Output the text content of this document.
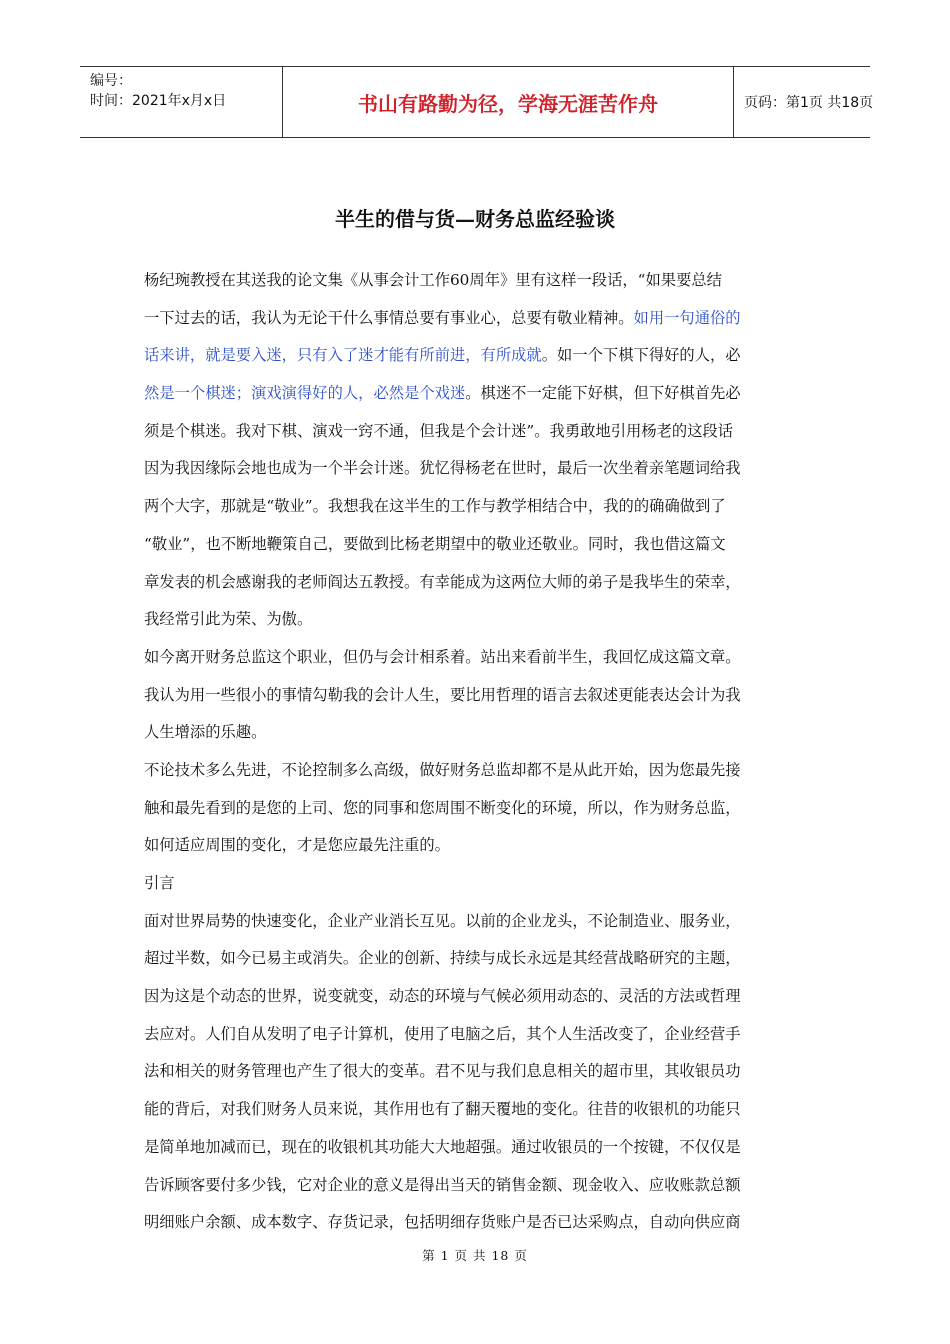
编号：
时间：2021年x月x日	书山有路勤为径，学海无涯苦作舟	页码：第1页 共18页
半生的借与货—财务总监经验谈
杨纪琬教授在其送我的论文集《从事会计工作60周年》里有这样一段话，“如果要总结
一下过去的话，我认为无论干什么事情总要有事业心，总要有敬业精神。如用一句通俗的
话来讲，就是要入迷，只有入了迷才能有所前进，有所成就。如一个下棋下得好的人，必
然是一个棋迷；演戏演得好的人，必然是个戏迷。棋迷不一定能下好棋，但下好棋首先必
须是个棋迷。我对下棋、演戏一窍不通，但我是个会计迷”。我勇敢地引用杨老的这段话
因为我因缘际会地也成为一个半会计迷。犹忆得杨老在世时，最后一次坐着亲笔题词给我
两个大字，那就是“敬业”。我想我在这半生的工作与教学相结合中，我的的确确做到了
“敬业”，也不断地鞭策自己，要做到比杨老期望中的敬业还敬业。同时，我也借这篇文
章发表的机会感谢我的老师阎达五教授。有幸能成为这两位大师的弟子是我毕生的荣幸，
我经常引此为荣、为傲。
如今离开财务总监这个职业，但仍与会计相系着。站出来看前半生，我回忆成这篇文章。
我认为用一些很小的事情勾勒我的会计人生，要比用哲理的语言去叙述更能表达会计为我
人生增添的乐趣。
不论技术多么先进，不论控制多么高级，做好财务总监却都不是从此开始，因为您最先接
触和最先看到的是您的上司、您的同事和您周围不断变化的环境，所以，作为财务总监，
如何适应周围的变化，才是您应最先注重的。
引言
面对世界局势的快速变化，企业产业消长互见。以前的企业龙头，不论制造业、服务业，
超过半数，如今已易主或消失。企业的创新、持续与成长永远是其经营战略研究的主题，
因为这是个动态的世界，说变就变，动态的环境与气候必须用动态的、灵活的方法或哲理
去应对。人们自从发明了电子计算机，使用了电脑之后，其个人生活改变了，企业经营手
法和相关的财务管理也产生了很大的变革。君不见与我们息息相关的超市里，其收银员功
能的背后，对我们财务人员来说，其作用也有了翻天覆地的变化。往昔的收银机的功能只
是简单地加减而已，现在的收银机其功能大大地超强。通过收银员的一个按键，不仅仅是
告诉顾客要付多少钱，它对企业的意义是得出当天的销售金额、现金收入、应收账款总额
明细账户余额、成本数字、存货记录，包括明细存货账户是否已达采购点，自动向供应商
第 1 页 共 18 页
